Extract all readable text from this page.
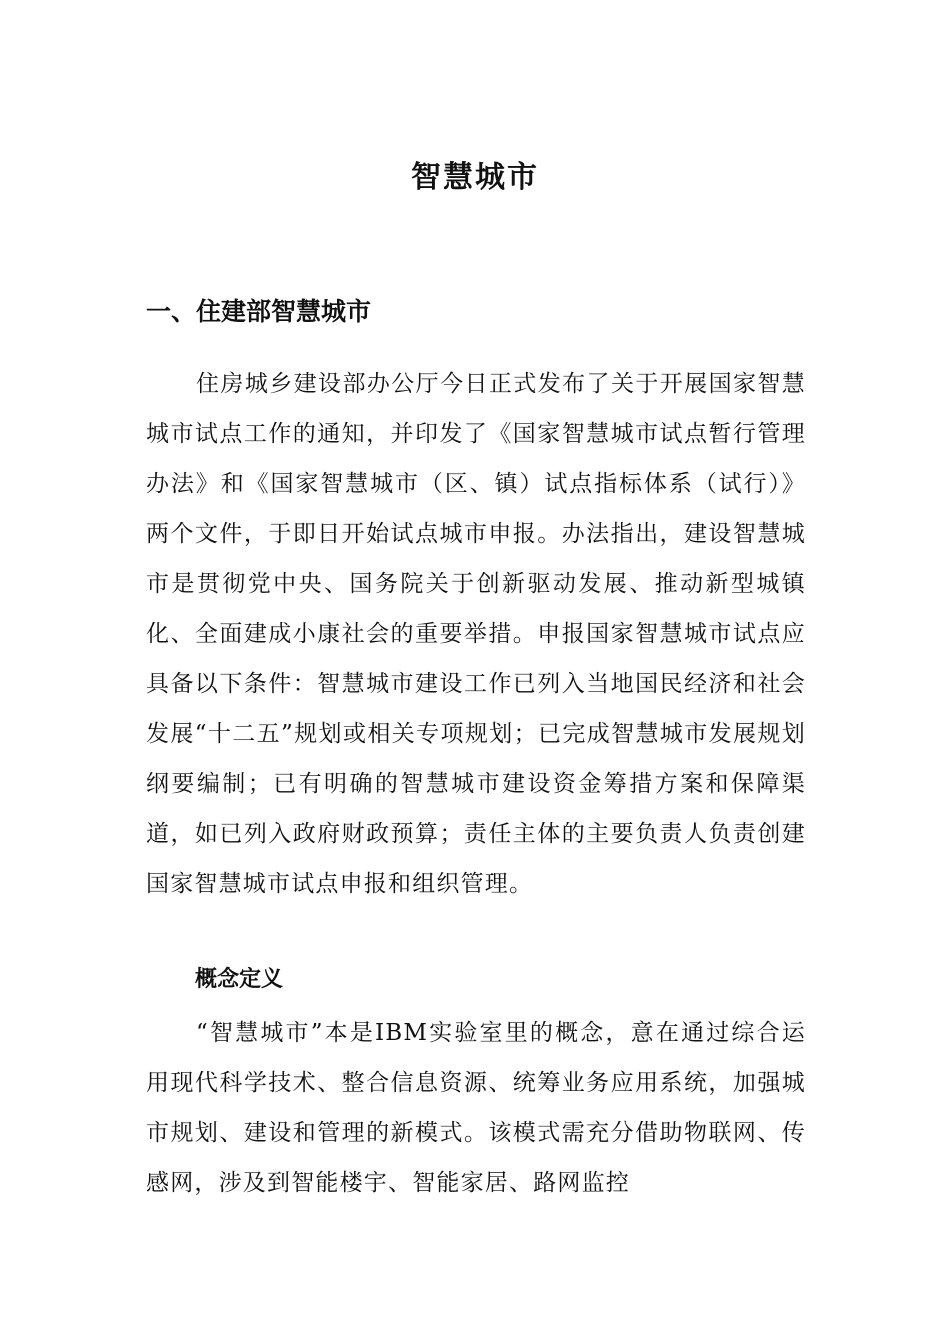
智慧城市
一、住建部智慧城市

住房城乡建设部办公厅今日正式发布了关于开展国家智慧城市试点工作的通知，并印发了《国家智慧城市试点暂行管理办法》和《国家智慧城市（区、镇）试点指标体系（试行）》两个文件，于即日开始试点城市申报。办法指出，建设智慧城市是贯彻党中央、国务院关于创新驱动发展、推动新型城镇化、全面建成小康社会的重要举措。申报国家智慧城市试点应具备以下条件：智慧城市建设工作已列入当地国民经济和社会发展“十二五”规划或相关专项规划；已完成智慧城市发展规划纲要编制；已有明确的智慧城市建设资金筹措方案和保障渠道，如已列入政府财政预算；责任主体的主要负责人负责创建国家智慧城市试点申报和组织管理。

概念定义

“智慧城市”本是IBM实验室里的概念，意在通过综合运用现代科学技术、整合信息资源、统筹业务应用系统，加强城市规划、建设和管理的新模式。该模式需充分借助物联网、传感网，涉及到智能楼宇、智能家居、路网监控
